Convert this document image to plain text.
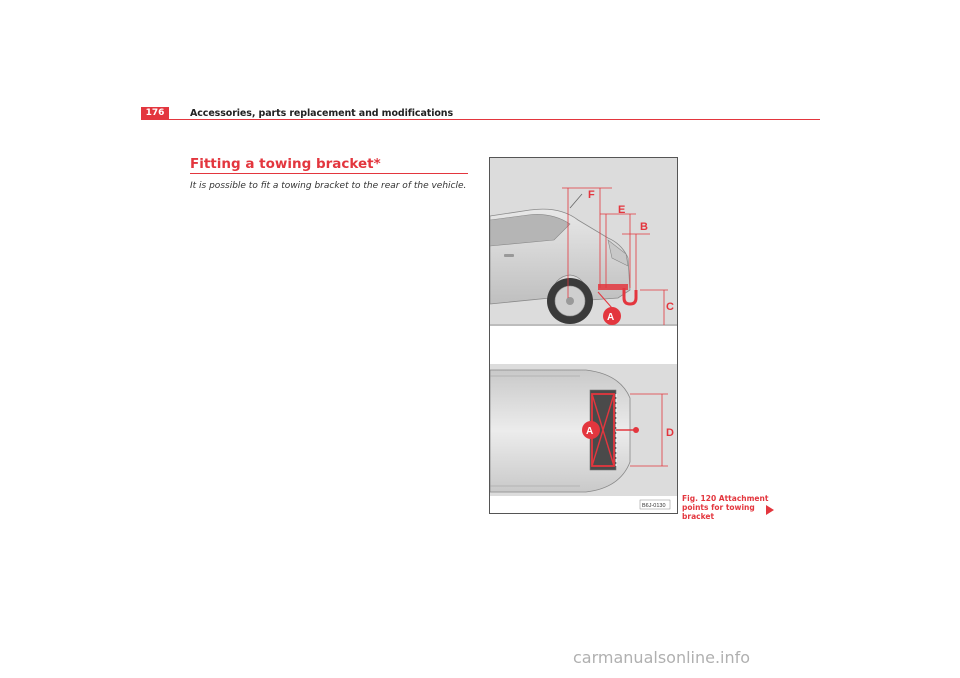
176	Accessories, parts replacement and modifications
Fitting a towing bracket*
It is possible to fit a towing bracket to the rear of the vehicle.
F
E
B
C
A
D
A
B6J-0130
Fig. 120 Attachment
points for towing bracket
carmanualsonline.info
